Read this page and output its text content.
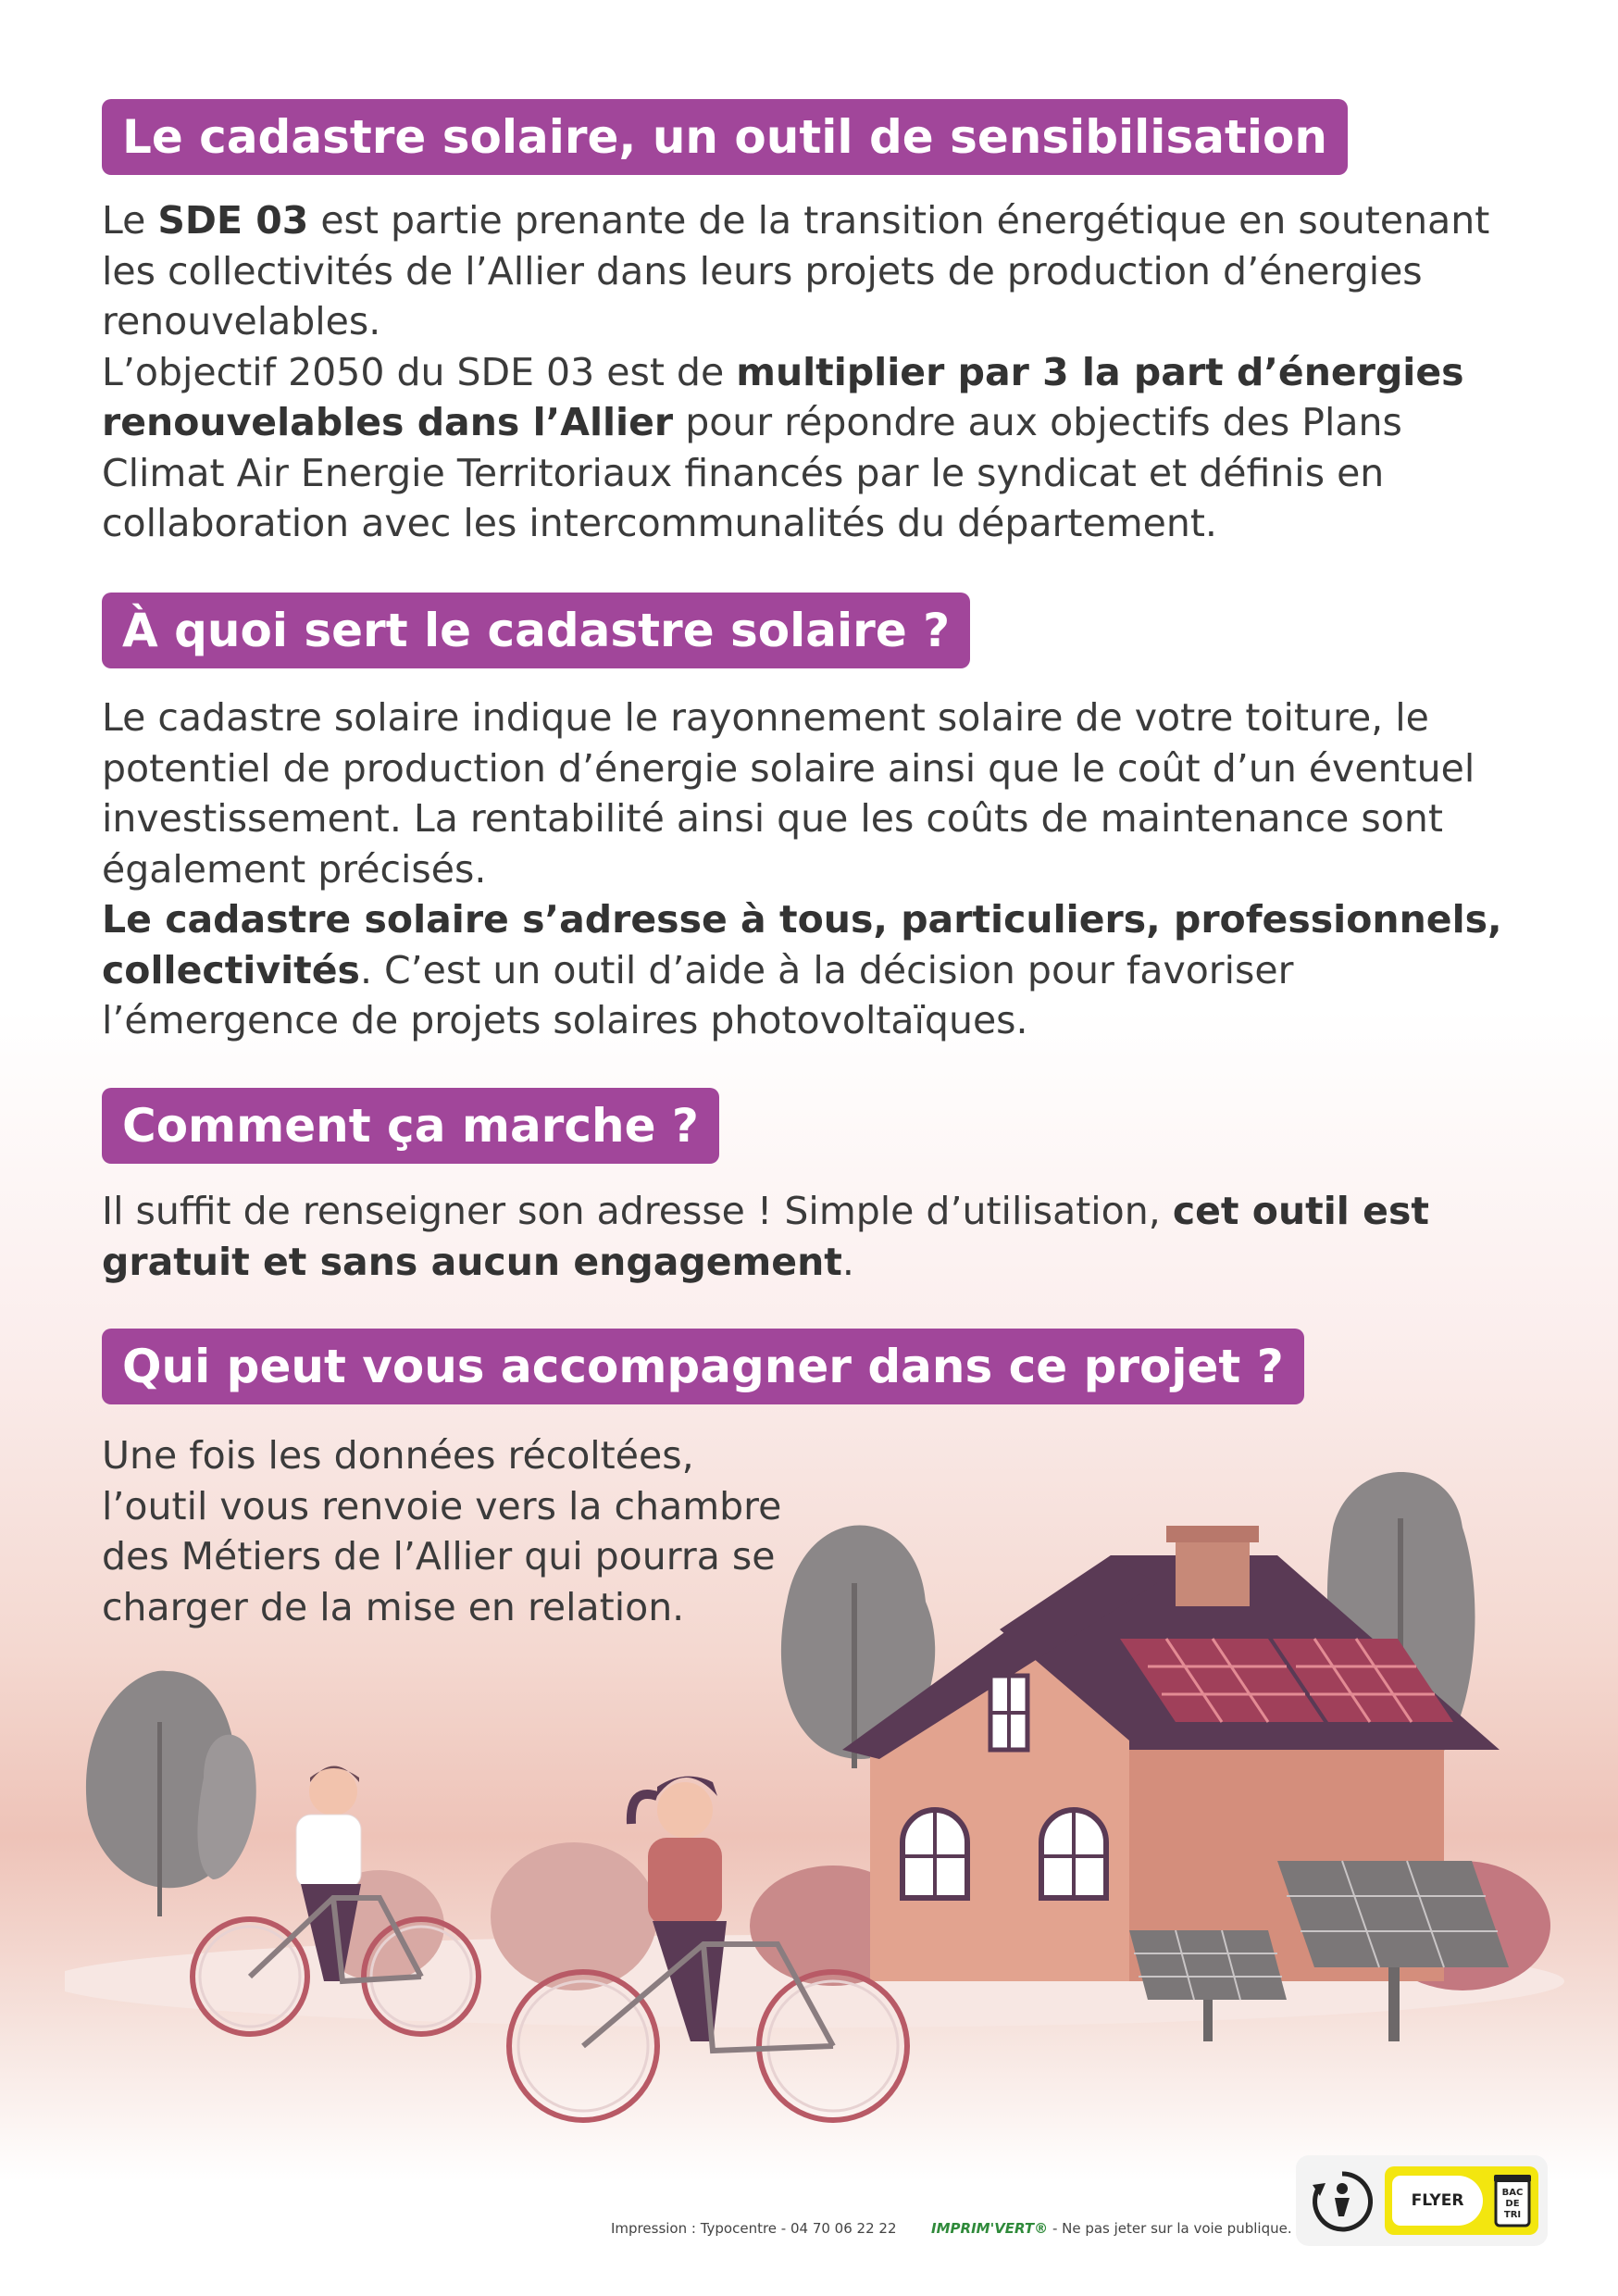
Le cadastre solaire, un outil de sensibilisation
Le SDE 03 est partie prenante de la transition énergétique en soutenant les collectivités de l’Allier dans leurs projets de production d’énergies renouvelables.
L’objectif 2050 du SDE 03 est de multiplier par 3 la part d’énergies renouvelables dans l’Allier pour répondre aux objectifs des Plans Climat Air Energie Territoriaux financés par le syndicat et définis en collaboration avec les intercommunalités du département.
À quoi sert le cadastre solaire ?
Le cadastre solaire indique le rayonnement solaire de votre toiture, le potentiel de production d’énergie solaire ainsi que le coût d’un éventuel investissement. La rentabilité ainsi que les coûts de maintenance sont également précisés.
Le cadastre solaire s’adresse à tous, particuliers, professionnels, collectivités. C’est un outil d’aide à la décision pour favoriser l’émergence de projets solaires photovoltaïques.
Comment ça marche ?
Il suffit de renseigner son adresse ! Simple d’utilisation, cet outil est gratuit et sans aucun engagement.
Qui peut vous accompagner dans ce projet ?
Une fois les données récoltées, l’outil vous renvoie vers la chambre des Métiers de l’Allier qui pourra se charger de la mise en relation.
FLYER	BAC
DE
TRI
Impression : Typocentre - 04 70 06 22 22	IMPRIM'VERT® - Ne pas jeter sur la voie publique.
